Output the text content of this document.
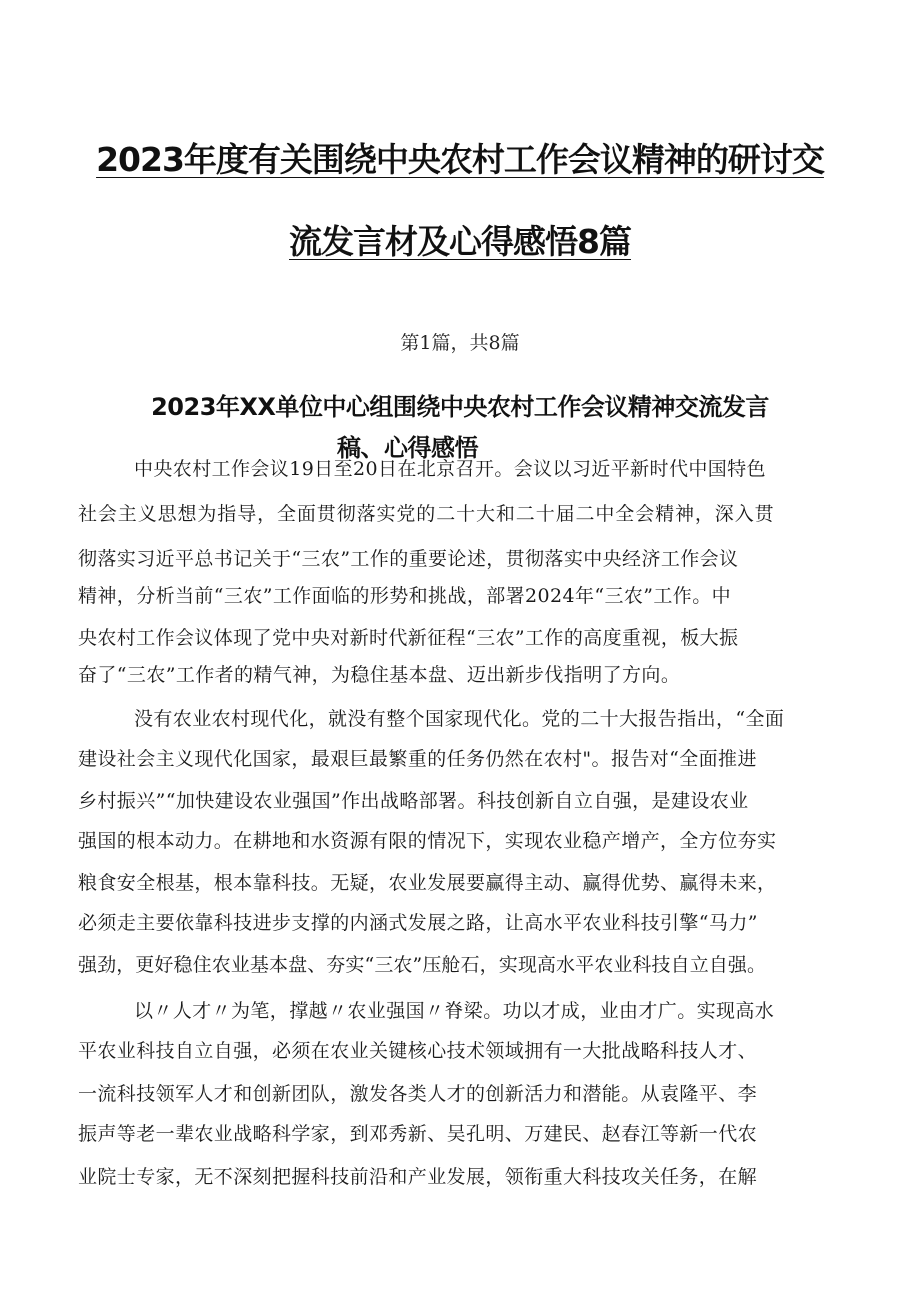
2023年度有关围绕中央农村工作会议精神的研讨交
流发言材及心得感悟8篇
第1篇，共8篇
2023年XX单位中心组围绕中央农村工作会议精神交流发言
稿、心得感悟
中央农村工作会议19日至20日在北京召开。会议以习近平新时代中国特色
社会主义思想为指导，全面贯彻落实党的二十大和二十届二中全会精神，深入贯
彻落实习近平总书记关于“三农”工作的重要论述，贯彻落实中央经济工作会议
精神，分析当前“三农”工作面临的形势和挑战，部署2024年“三农”工作。中
央农村工作会议体现了党中央对新时代新征程“三农”工作的高度重视，板大振
奋了“三农”工作者的精气神，为稳住基本盘、迈出新步伐指明了方向。
没有农业农村现代化，就没有整个国家现代化。党的二十大报告指出，“全面
建设社会主义现代化国家，最艰巨最繁重的任务仍然在农村"。报告对“全面推进
乡村振兴”“加快建设农业强国”作出战略部署。科技创新自立自强，是建设农业
强国的根本动力。在耕地和水资源有限的情况下，实现农业稳产增产，全方位夯实
粮食安全根基，根本靠科技。无疑，农业发展要赢得主动、赢得优势、赢得未来，
必须走主要依靠科技进步支撑的内涵式发展之路，让高水平农业科技引擎“马力”
强劲，更好稳住农业基本盘、夯实“三农”压舱石，实现高水平农业科技自立自强。
以〃人才〃为笔，撑越〃农业强国〃脊梁。功以才成，业由才广。实现高水
平农业科技自立自强，必须在农业关键核心技术领域拥有一大批战略科技人才、
一流科技领军人才和创新团队，激发各类人才的创新活力和潜能。从袁隆平、李
振声等老一辈农业战略科学家，到邓秀新、吴孔明、万建民、赵春江等新一代农
业院士专家，无不深刻把握科技前沿和产业发展，领衔重大科技攻关任务，在解
